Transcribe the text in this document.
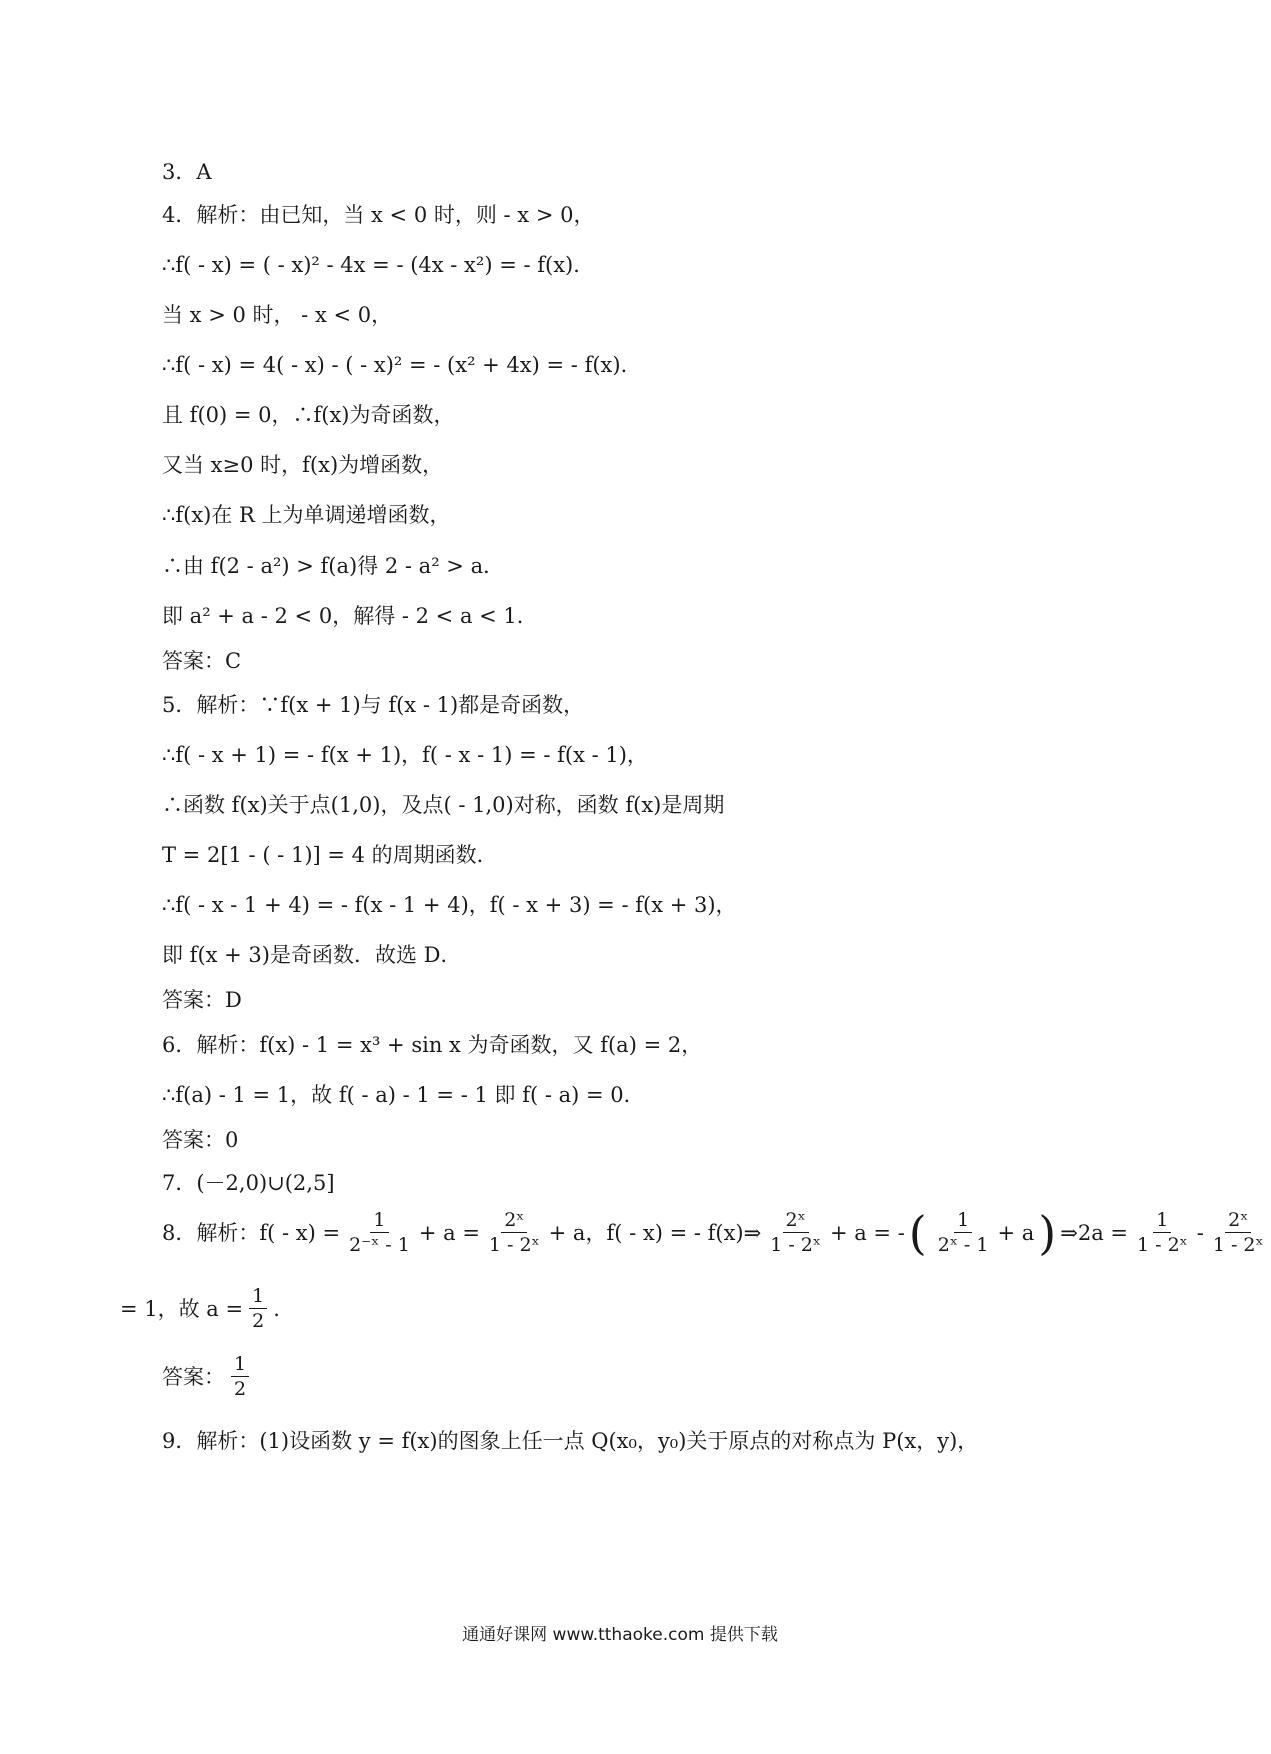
3．A
4．解析：由已知，当 x < 0 时，则 - x > 0，
∴f( - x) = ( - x)² - 4x = - (4x - x²) = - f(x)．
当 x > 0 时， - x < 0，
∴f( - x) = 4( - x) - ( - x)² = - (x² + 4x) = - f(x)．
且 f(0) = 0，∴f(x)为奇函数，
又当 x≥0 时，f(x)为增函数，
∴f(x)在 R 上为单调递增函数，
∴由 f(2 - a²) > f(a)得 2 - a² > a．
即 a² + a - 2 < 0，解得 - 2 < a < 1．
答案：C
5．解析：∵f(x + 1)与 f(x - 1)都是奇函数，
∴f( - x + 1) = - f(x + 1)，f( - x - 1) = - f(x - 1)，
∴函数 f(x)关于点(1,0)，及点( - 1,0)对称，函数 f(x)是周期
T = 2[1 - ( - 1)] = 4 的周期函数．
∴f( - x - 1 + 4) = - f(x - 1 + 4)，f( - x + 3) = - f(x + 3)，
即 f(x + 3)是奇函数．故选 D．
答案：D
6．解析：f(x) - 1 = x³ + sin x 为奇函数，又 f(a) = 2，
∴f(a) - 1 = 1，故 f( - a) - 1 = - 1 即 f( - a) = 0．
答案：0
7．(－2,0)∪(2,5]
8．解析：$f( - x) = \frac{1}{\text{2⁻ˣ - 1}} + a = \frac{\text{2ˣ}}{\text{1 - 2ˣ}} + a$，f( - x) = - f(x)⇒ $\frac{\text{2ˣ}}{\text{1 - 2ˣ}} + a$ = - ( $\frac{1}{\text{2ˣ - 1}} + a$ ) ⇒2a = $\frac{1}{\text{1 - 2ˣ}} - \frac{\text{2ˣ}}{\text{1 - 2ˣ}}$
= 1，故 $a = \frac{1}{2}$ .
答案： $\frac{1}{2}$
9．解析：(1)设函数 y = f(x)的图象上任一点 Q(x₀，y₀)关于原点的对称点为 P(x，y)，
通通好课网 www.tthaoke.com 提供下载
